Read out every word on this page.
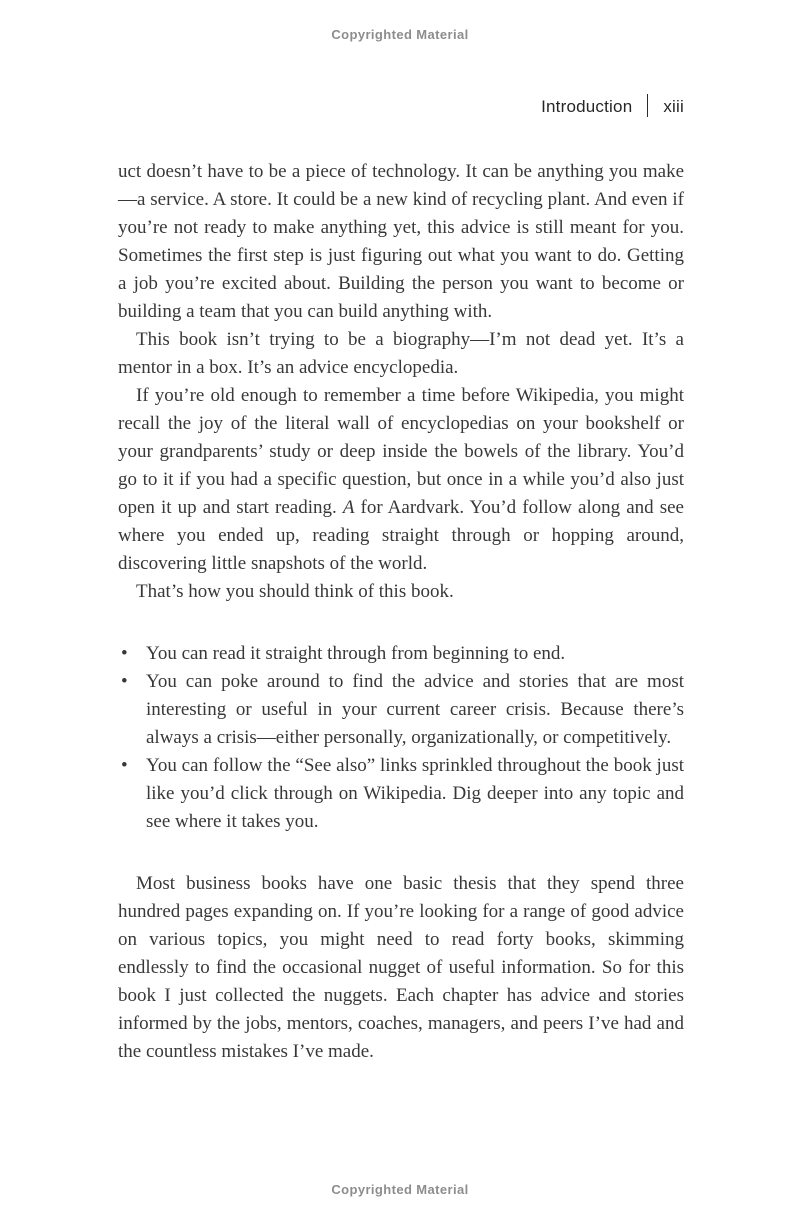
Copyrighted Material
Introduction xiii

uct doesn’t have to be a piece of technology. It can be anything you make—a service. A store. It could be a new kind of recycling plant. And even if you’re not ready to make anything yet, this advice is still meant for you. Sometimes the first step is just figuring out what you want to do. Getting a job you’re excited about. Building the person you want to become or building a team that you can build anything with.

This book isn’t trying to be a biography—I’m not dead yet. It’s a mentor in a box. It’s an advice encyclopedia.

If you’re old enough to remember a time before Wikipedia, you might recall the joy of the literal wall of encyclopedias on your bookshelf or your grandparents’ study or deep inside the bowels of the library. You’d go to it if you had a specific question, but once in a while you’d also just open it up and start reading. A for Aardvark. You’d follow along and see where you ended up, reading straight through or hopping around, discovering little snapshots of the world.

That’s how you should think of this book.

• You can read it straight through from beginning to end.
• You can poke around to find the advice and stories that are most interesting or useful in your current career crisis. Because there’s always a crisis—either personally, organizationally, or competitively.
• You can follow the “See also” links sprinkled throughout the book just like you’d click through on Wikipedia. Dig deeper into any topic and see where it takes you.

Most business books have one basic thesis that they spend three hundred pages expanding on. If you’re looking for a range of good advice on various topics, you might need to read forty books, skimming endlessly to find the occasional nugget of useful information. So for this book I just collected the nuggets. Each chapter has advice and stories informed by the jobs, mentors, coaches, managers, and peers I’ve had and the countless mistakes I’ve made.

Copyrighted Material
